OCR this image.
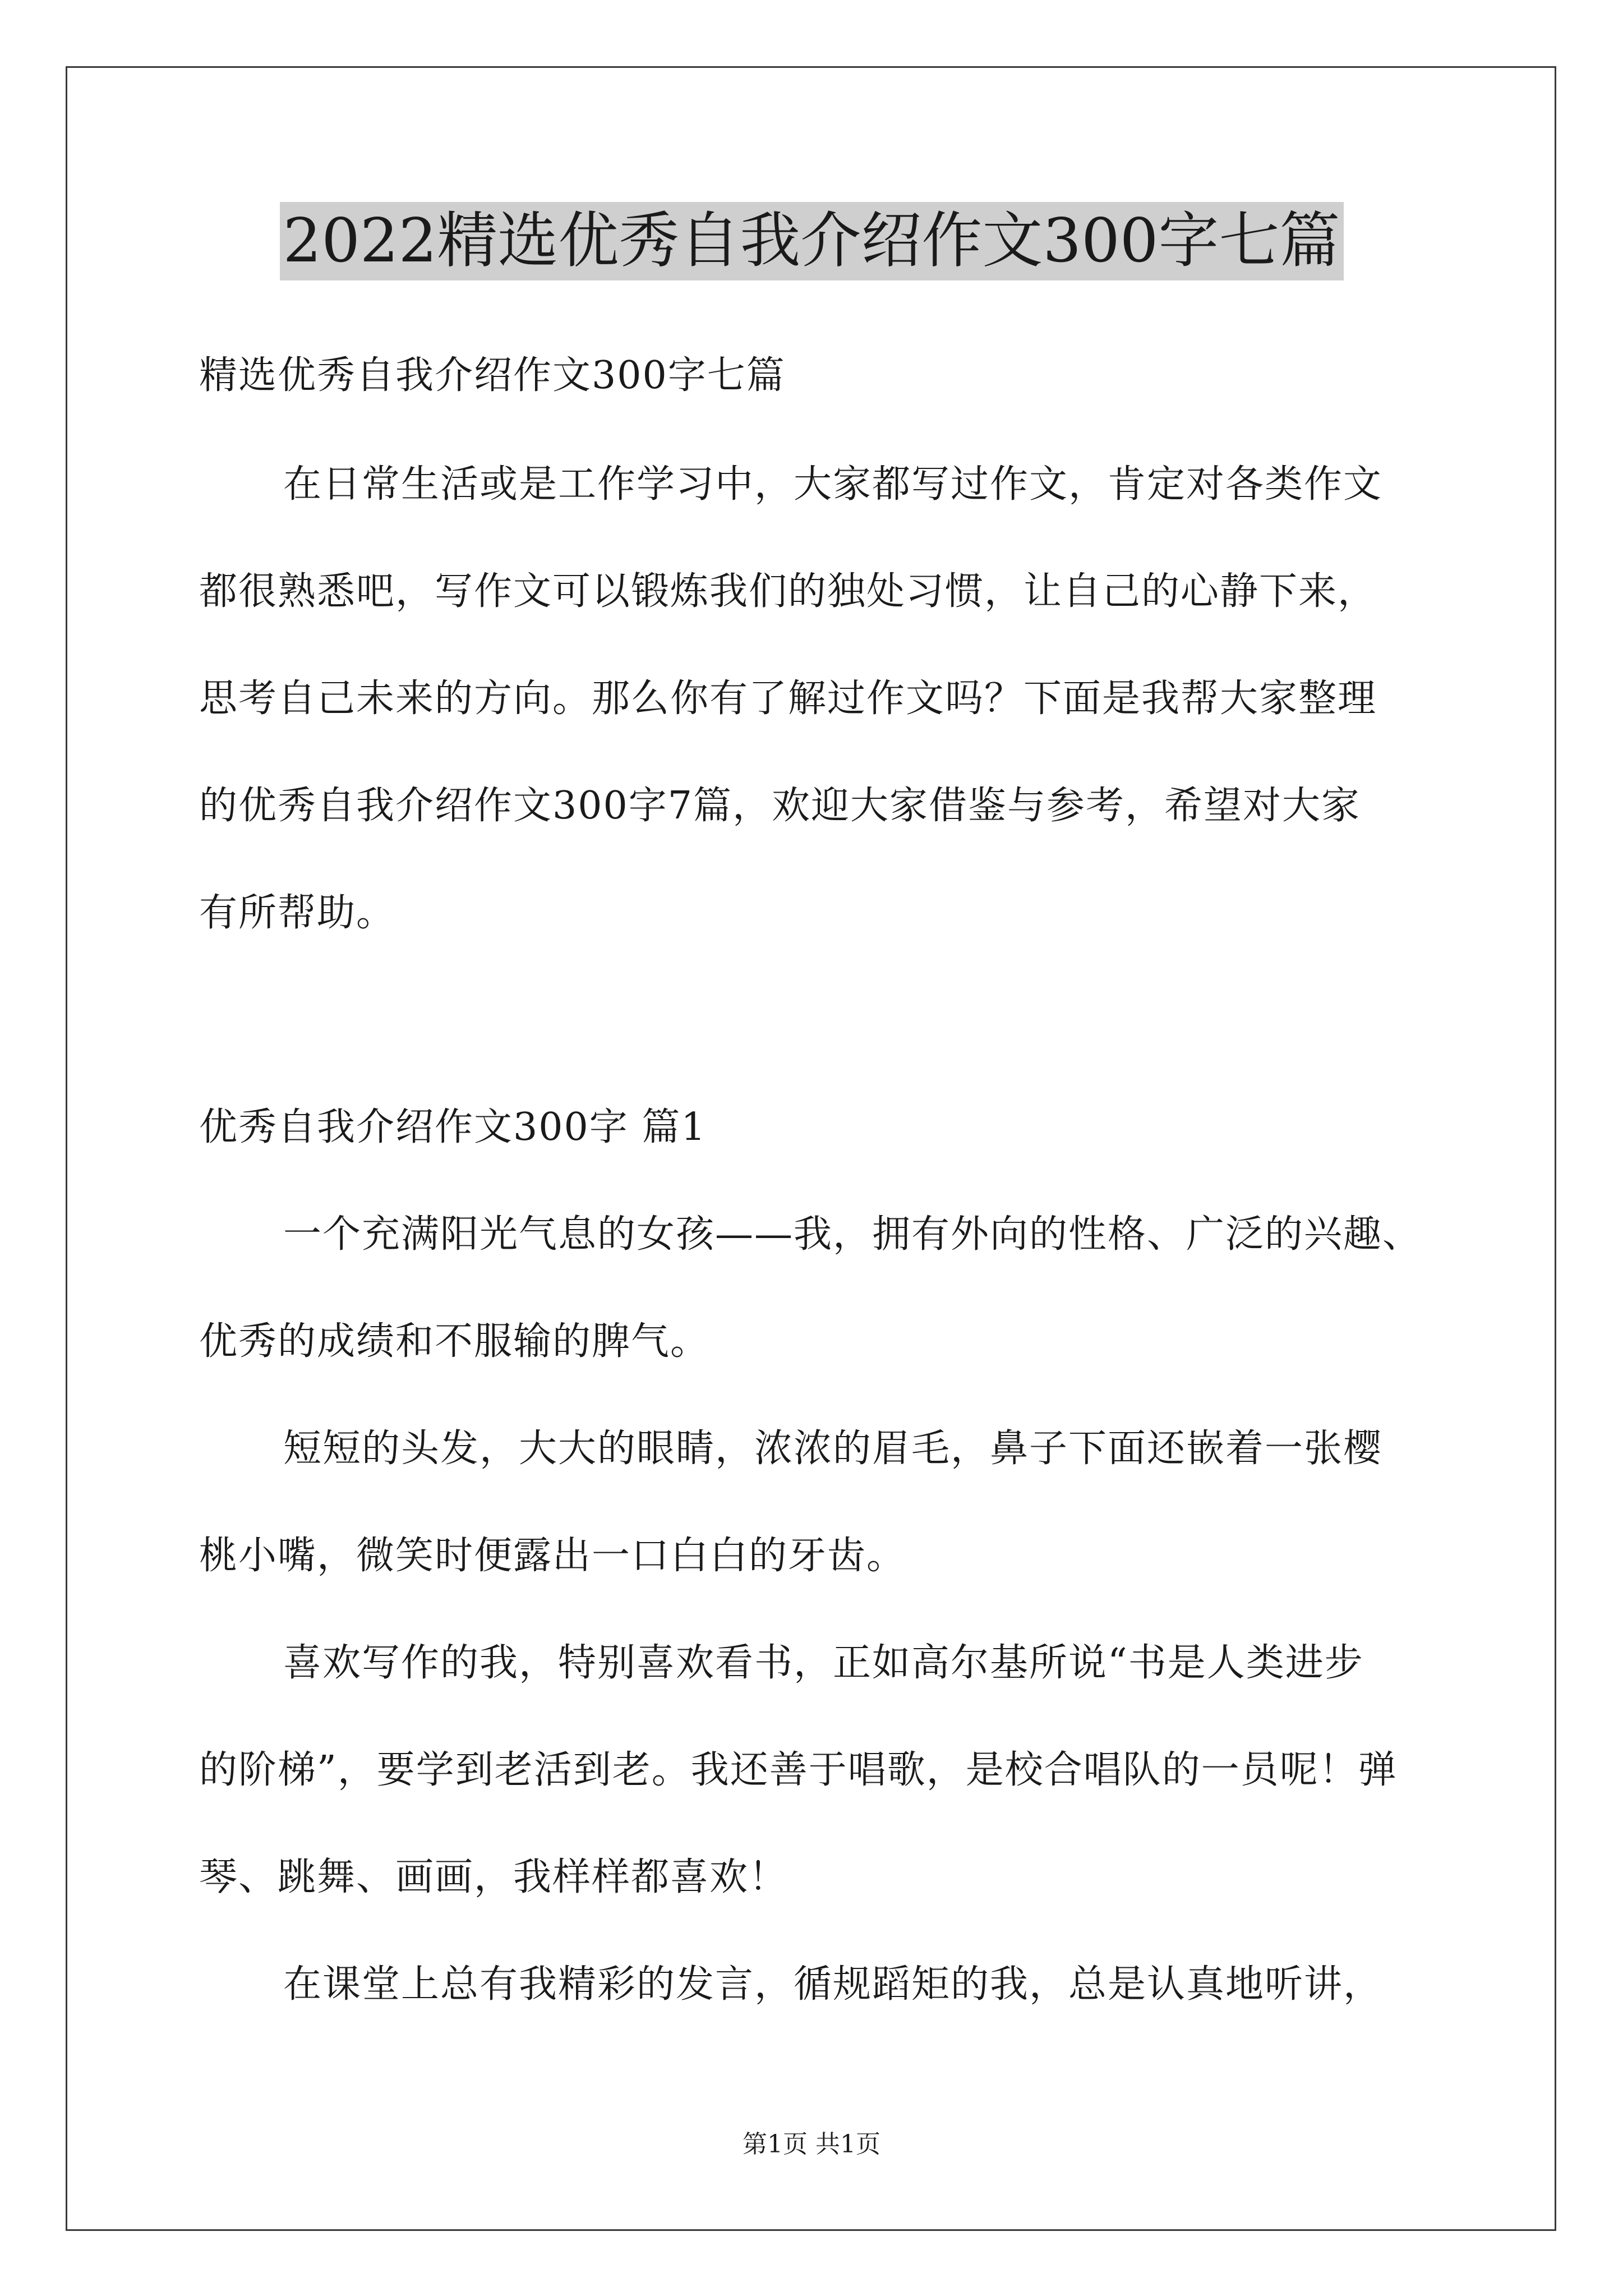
2022精选优秀自我介绍作文300字七篇
精选优秀自我介绍作文300字七篇
在日常生活或是工作学习中，大家都写过作文，肯定对各类作文
都很熟悉吧，写作文可以锻炼我们的独处习惯，让自己的心静下来，
思考自己未来的方向。那么你有了解过作文吗？下面是我帮大家整理
的优秀自我介绍作文300字7篇，欢迎大家借鉴与参考，希望对大家
有所帮助。
优秀自我介绍作文300字 篇1
一个充满阳光气息的女孩——我，拥有外向的性格、广泛的兴趣、
优秀的成绩和不服输的脾气。
短短的头发，大大的眼睛，浓浓的眉毛，鼻子下面还嵌着一张樱
桃小嘴，微笑时便露出一口白白的牙齿。
喜欢写作的我，特别喜欢看书，正如高尔基所说“书是人类进步
的阶梯”，要学到老活到老。我还善于唱歌，是校合唱队的一员呢！弹
琴、跳舞、画画，我样样都喜欢！
在课堂上总有我精彩的发言，循规蹈矩的我，总是认真地听讲，
第1页 共1页
